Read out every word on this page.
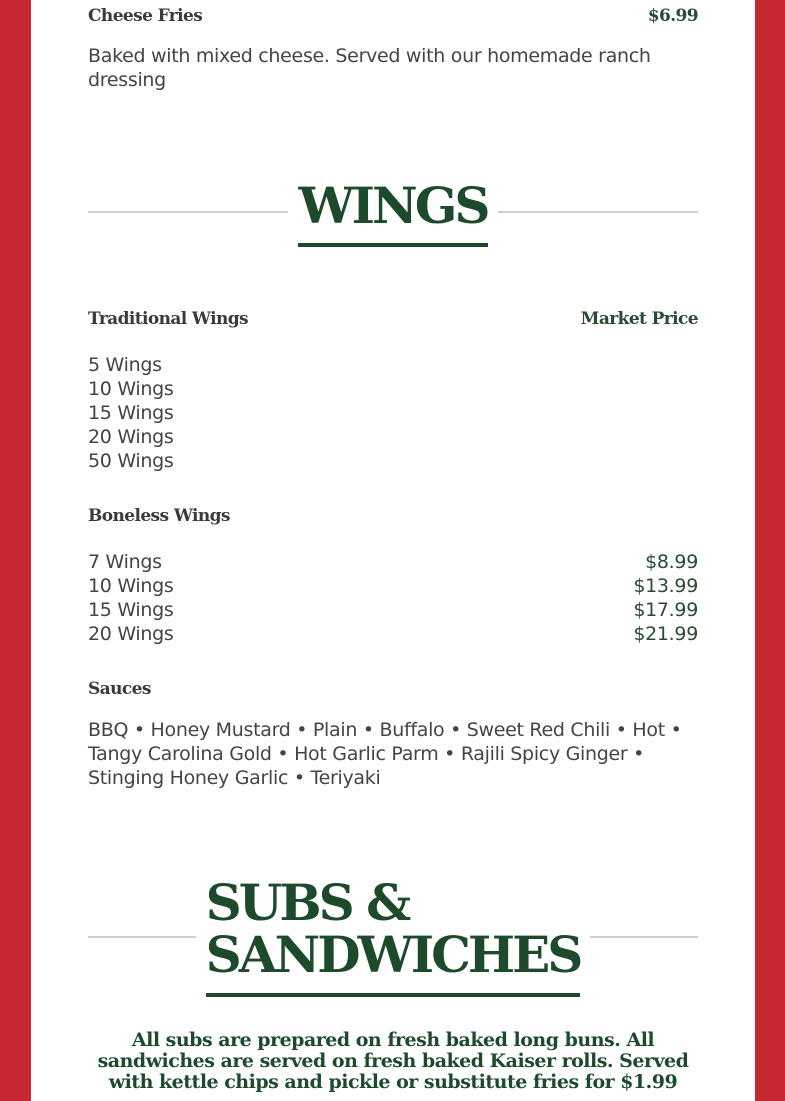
Cheese Fries	$6.99
Baked with mixed cheese. Served with our homemade ranch dressing
WINGS
Traditional Wings	Market Price
5 Wings
10 Wings
15 Wings
20 Wings
50 Wings
Boneless Wings
7 Wings	$8.99
10 Wings	$13.99
15 Wings	$17.99
20 Wings	$21.99
Sauces
BBQ • Honey Mustard • Plain • Buffalo • Sweet Red Chili • Hot • Tangy Carolina Gold • Hot Garlic Parm • Rajili Spicy Ginger • Stinging Honey Garlic • Teriyaki
SUBS &
SANDWICHES
All subs are prepared on fresh baked long buns. All sandwiches are served on fresh baked Kaiser rolls. Served with kettle chips and pickle or substitute fries for $1.99
